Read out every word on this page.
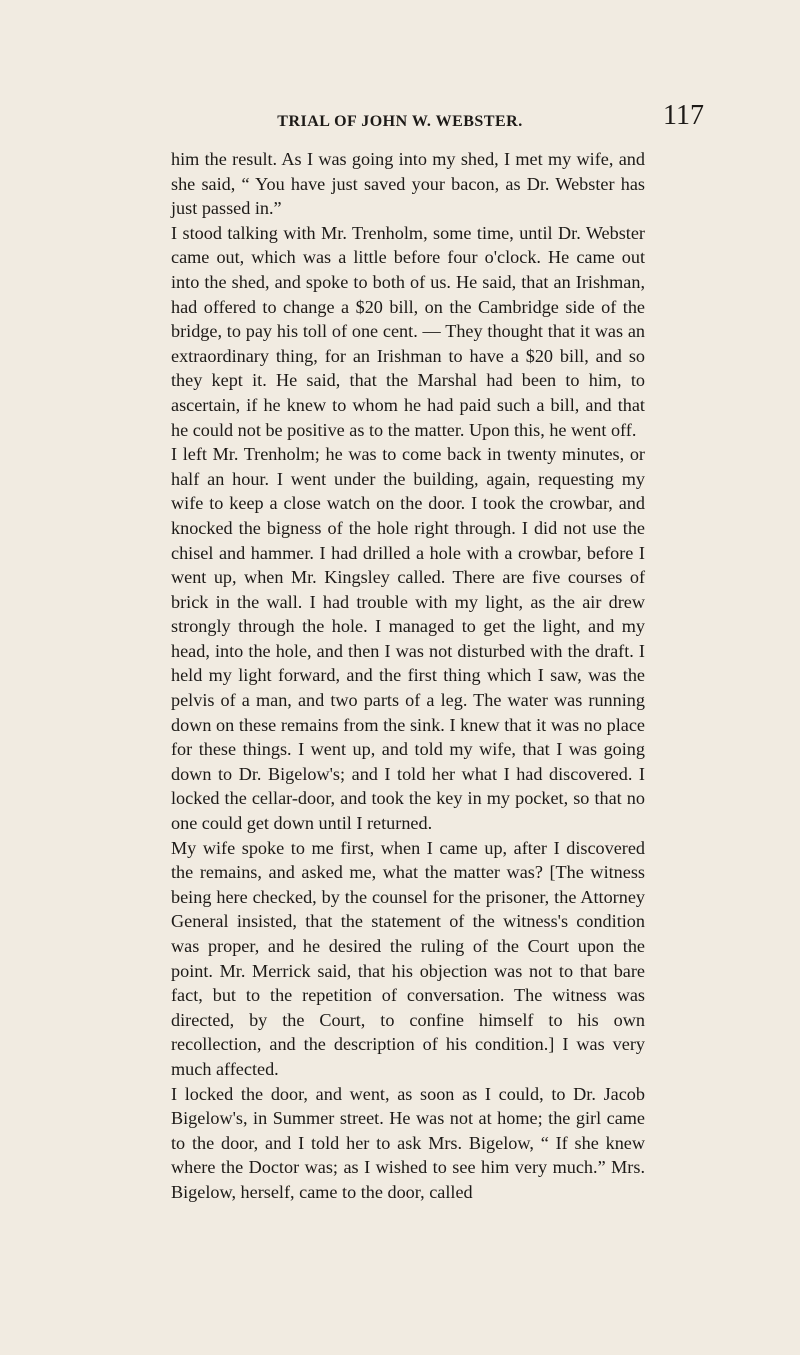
TRIAL OF JOHN W. WEBSTER.	117

him the result. As I was going into my shed, I met my wife, and she said, “ You have just saved your bacon, as Dr. Webster has just passed in.”

I stood talking with Mr. Trenholm, some time, until Dr. Webster came out, which was a little before four o'clock. He came out into the shed, and spoke to both of us. He said, that an Irishman, had offered to change a $20 bill, on the Cambridge side of the bridge, to pay his toll of one cent. — They thought that it was an extraordinary thing, for an Irishman to have a $20 bill, and so they kept it. He said, that the Marshal had been to him, to ascertain, if he knew to whom he had paid such a bill, and that he could not be positive as to the matter. Upon this, he went off.

I left Mr. Trenholm; he was to come back in twenty minutes, or half an hour. I went under the building, again, requesting my wife to keep a close watch on the door. I took the crowbar, and knocked the bigness of the hole right through. I did not use the chisel and hammer. I had drilled a hole with a crowbar, before I went up, when Mr. Kingsley called. There are five courses of brick in the wall. I had trouble with my light, as the air drew strongly through the hole. I managed to get the light, and my head, into the hole, and then I was not disturbed with the draft. I held my light forward, and the first thing which I saw, was the pelvis of a man, and two parts of a leg. The water was running down on these remains from the sink. I knew that it was no place for these things. I went up, and told my wife, that I was going down to Dr. Bigelow's; and I told her what I had discovered. I locked the cellar-door, and took the key in my pocket, so that no one could get down until I returned.

My wife spoke to me first, when I came up, after I discovered the remains, and asked me, what the matter was? [The witness being here checked, by the counsel for the prisoner, the Attorney General insisted, that the statement of the witness's condition was proper, and he desired the ruling of the Court upon the point. Mr. Merrick said, that his objection was not to that bare fact, but to the repetition of conversation. The witness was directed, by the Court, to confine himself to his own recollection, and the description of his condition.] I was very much affected.

I locked the door, and went, as soon as I could, to Dr. Jacob Bigelow's, in Summer street. He was not at home; the girl came to the door, and I told her to ask Mrs. Bigelow, “ If she knew where the Doctor was; as I wished to see him very much.” Mrs. Bigelow, herself, came to the door, called
